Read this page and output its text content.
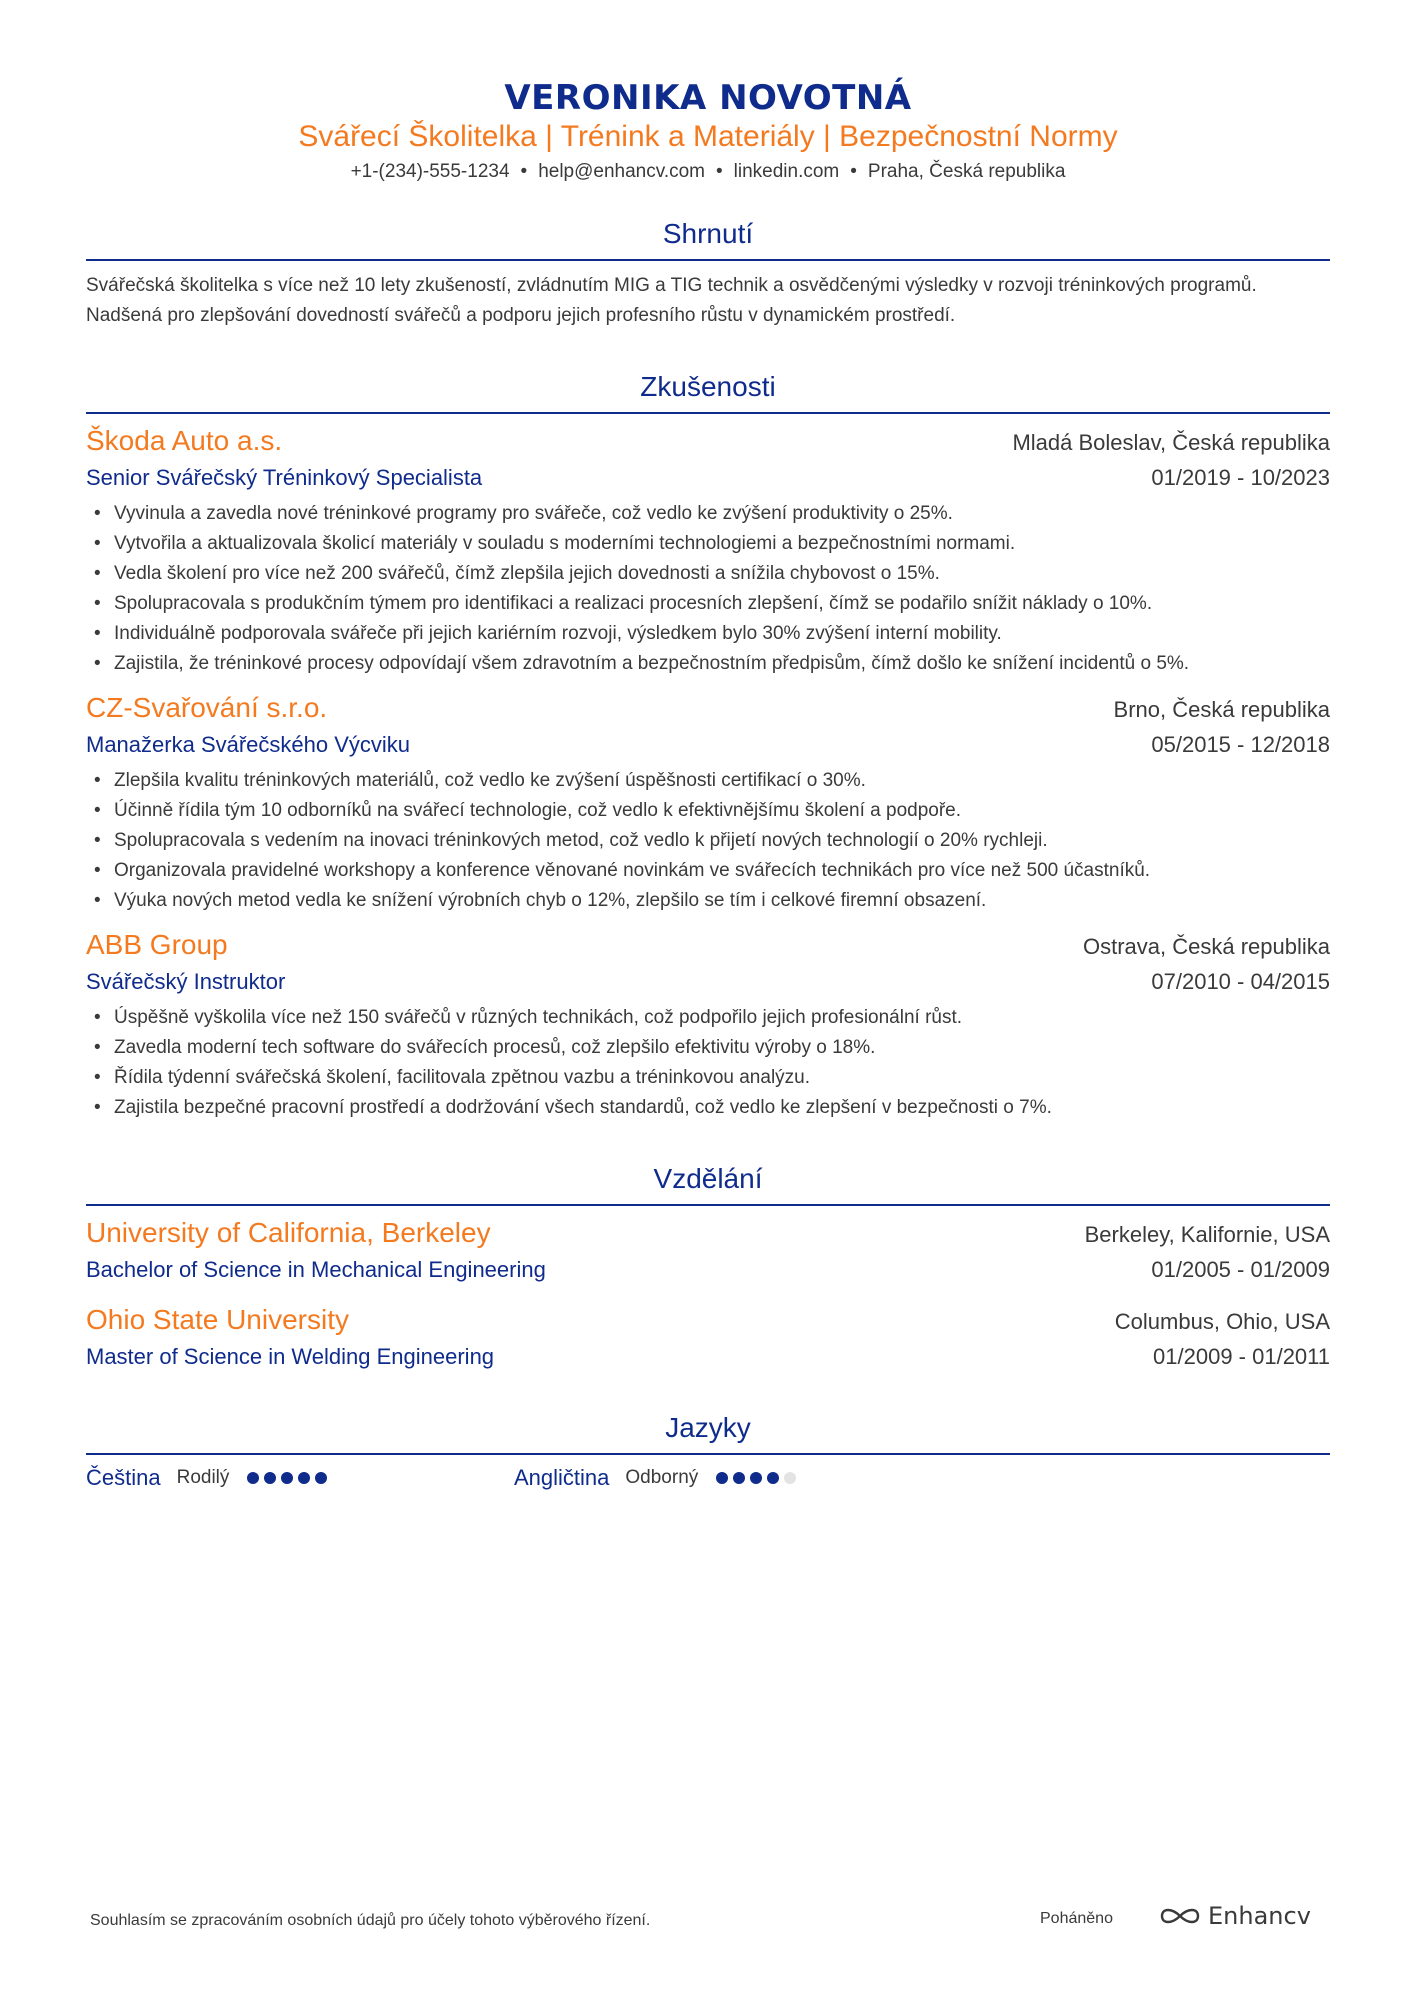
VERONIKA NOVOTNÁ
Svářecí Školitelka | Trénink a Materiály | Bezpečnostní Normy
+1-(234)-555-1234 • help@enhancv.com • linkedin.com • Praha, Česká republika
Shrnutí
Svářečská školitelka s více než 10 lety zkušeností, zvládnutím MIG a TIG technik a osvědčenými výsledky v rozvoji tréninkových programů. Nadšená pro zlepšování dovedností svářečů a podporu jejich profesního růstu v dynamickém prostředí.
Zkušenosti
Škoda Auto a.s.	Mladá Boleslav, Česká republika
Senior Svářečský Tréninkový Specialista	01/2019 - 10/2023
• Vyvinula a zavedla nové tréninkové programy pro svářeče, což vedlo ke zvýšení produktivity o 25%.
• Vytvořila a aktualizovala školicí materiály v souladu s moderními technologiemi a bezpečnostními normami.
• Vedla školení pro více než 200 svářečů, čímž zlepšila jejich dovednosti a snížila chybovost o 15%.
• Spolupracovala s produkčním týmem pro identifikaci a realizaci procesních zlepšení, čímž se podařilo snížit náklady o 10%.
• Individuálně podporovala svářeče při jejich kariérním rozvoji, výsledkem bylo 30% zvýšení interní mobility.
• Zajistila, že tréninkové procesy odpovídají všem zdravotním a bezpečnostním předpisům, čímž došlo ke snížení incidentů o 5%.
CZ-Svařování s.r.o.	Brno, Česká republika
Manažerka Svářečského Výcviku	05/2015 - 12/2018
• Zlepšila kvalitu tréninkových materiálů, což vedlo ke zvýšení úspěšnosti certifikací o 30%.
• Účinně řídila tým 10 odborníků na svářecí technologie, což vedlo k efektivnějšímu školení a podpoře.
• Spolupracovala s vedením na inovaci tréninkových metod, což vedlo k přijetí nových technologií o 20% rychleji.
• Organizovala pravidelné workshopy a konference věnované novinkám ve svářecích technikách pro více než 500 účastníků.
• Výuka nových metod vedla ke snížení výrobních chyb o 12%, zlepšilo se tím i celkové firemní obsazení.
ABB Group	Ostrava, Česká republika
Svářečský Instruktor	07/2010 - 04/2015
• Úspěšně vyškolila více než 150 svářečů v různých technikách, což podpořilo jejich profesionální růst.
• Zavedla moderní tech software do svářecích procesů, což zlepšilo efektivitu výroby o 18%.
• Řídila týdenní svářečská školení, facilitovala zpětnou vazbu a tréninkovou analýzu.
• Zajistila bezpečné pracovní prostředí a dodržování všech standardů, což vedlo ke zlepšení v bezpečnosti o 7%.
Vzdělání
University of California, Berkeley	Berkeley, Kalifornie, USA
Bachelor of Science in Mechanical Engineering	01/2005 - 01/2009
Ohio State University	Columbus, Ohio, USA
Master of Science in Welding Engineering	01/2009 - 01/2011
Jazyky
Čeština Rodilý	Angličtina Odborný
Souhlasím se zpracováním osobních údajů pro účely tohoto výběrového řízení.	Poháněno	Enhancv
